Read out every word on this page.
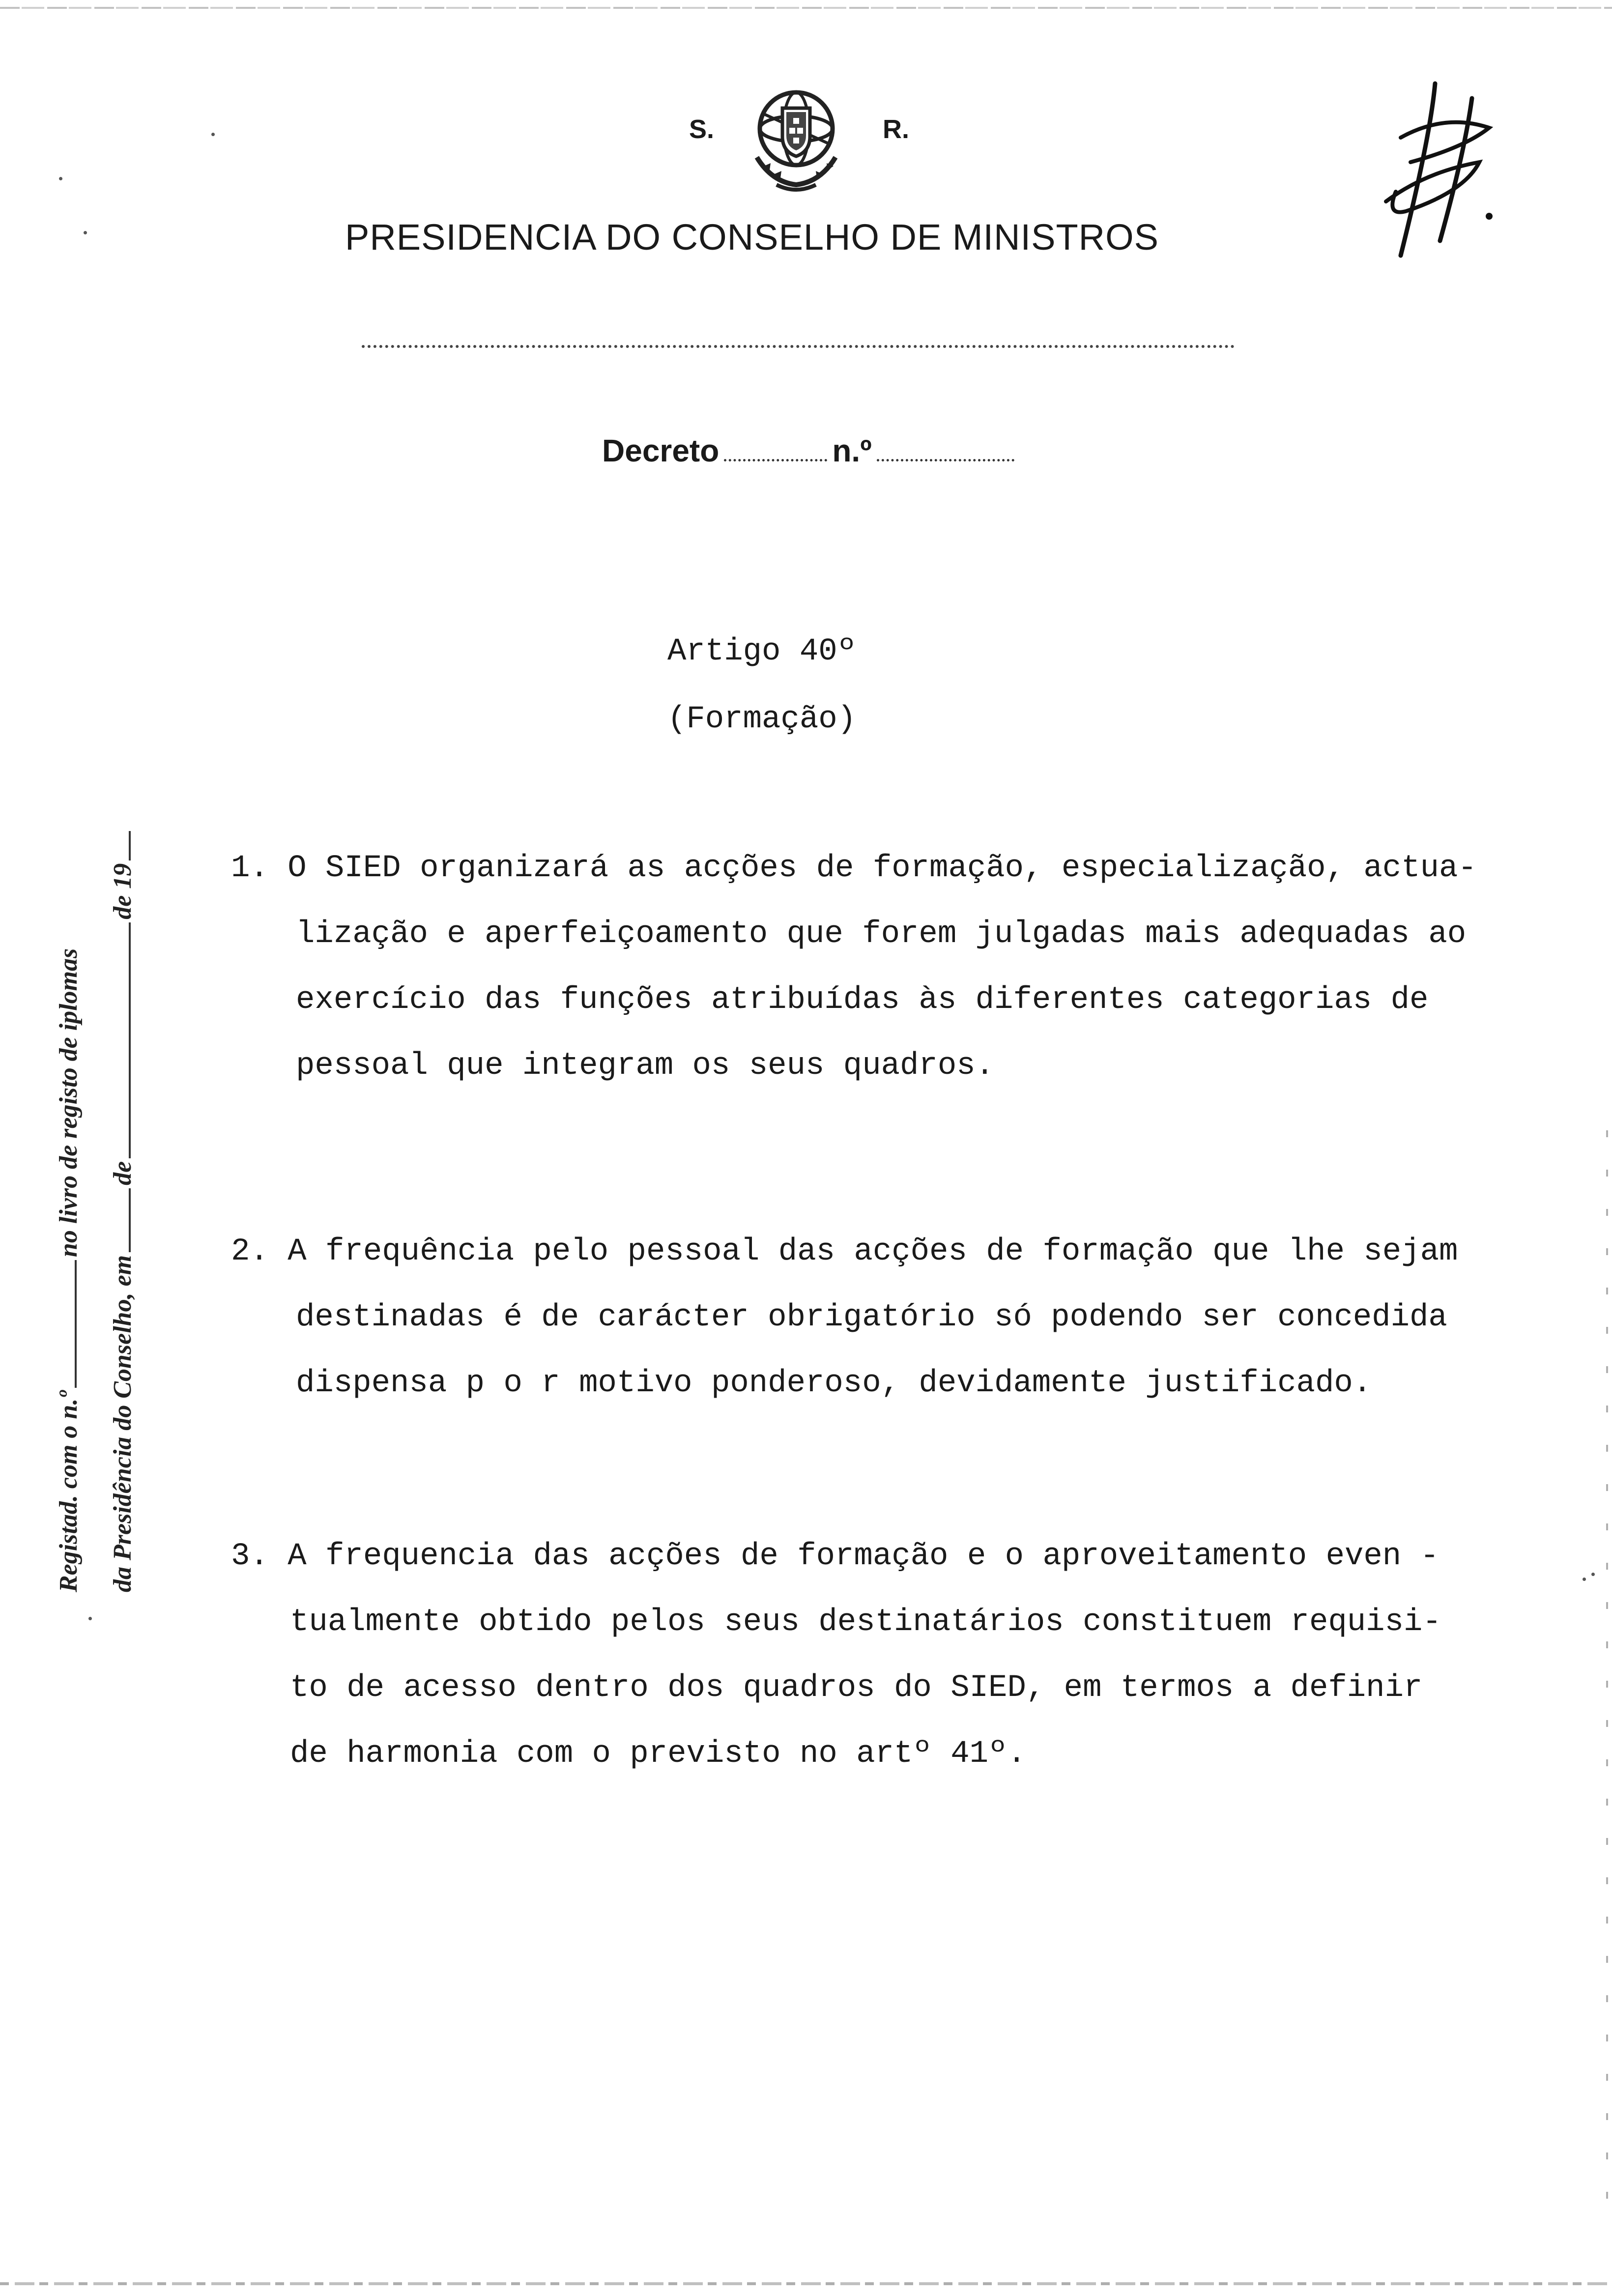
S.	R.
PRESIDENCIA DO CONSELHO DE MINISTROS
Decreto	n.º
Artigo 40º
(Formação)
1. O SIED organizará as acções de formação, especialização, actua-
lização e aperfeiçoamento que forem julgadas mais adequadas ao
exercício das funções atribuídas às diferentes categorias de
pessoal que integram os seus quadros.
2. A frequência pelo pessoal das acções de formação que lhe sejam
destinadas é de carácter obrigatório só podendo ser concedida
dispensa p o r motivo ponderoso, devidamente justificado.
3. A frequencia das acções de formação e o aproveitamento even -
tualmente obtido pelos seus destinatários constituem requisi-
to de acesso dentro dos quadros do SIED, em termos a definir
de harmonia com o previsto no artº 41º.
Registad. com o n.ºno livro de registo de iplomas
da Presidência do Conselho, emdede 19
